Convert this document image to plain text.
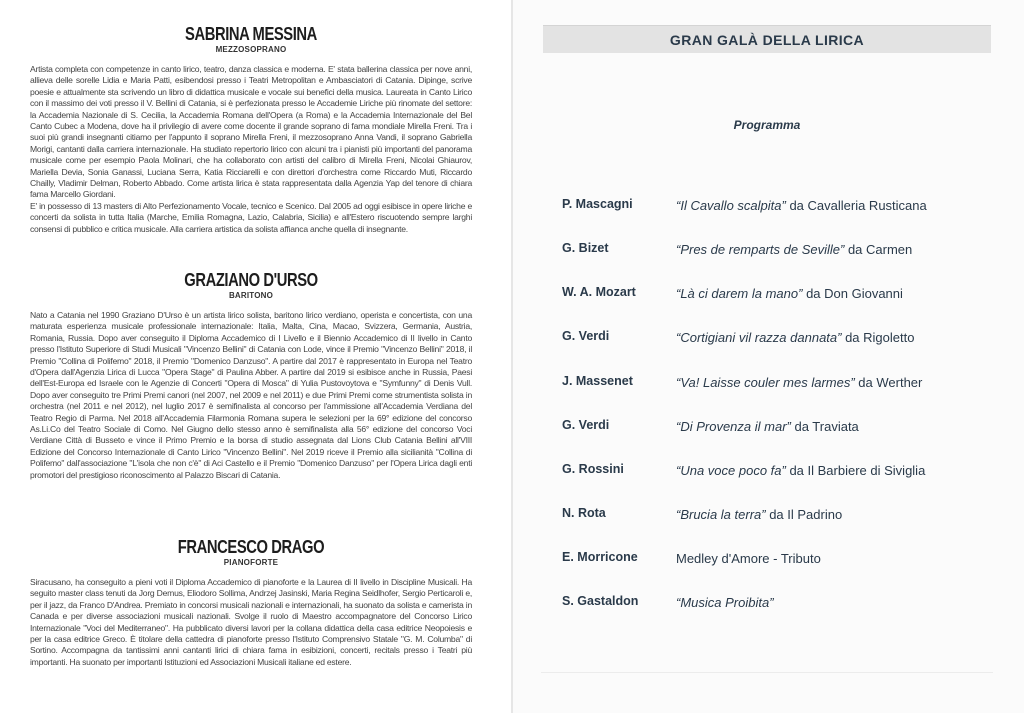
SABRINA MESSINA
MEZZOSOPRANO

Artista completa con competenze in canto lirico, teatro, danza classica e moderna. E' stata ballerina classica per nove anni, allieva delle sorelle Lidia e Maria Patti, esibendosi presso i Teatri Metropolitan e Ambasciatori di Catania. Dipinge, scrive poesie e attualmente sta scrivendo un libro di didattica musicale e vocale sui benefici della musica. Laureata in Canto Lirico con il massimo dei voti presso il V. Bellini di Catania, si è perfezionata presso le Accademie Liriche più rinomate del settore: la Accademia Nazionale di S. Cecilia, la Accademia Romana dell'Opera (a Roma) e la Accademia Internazionale del Bel Canto Cubec a Modena, dove ha il privilegio di avere come docente il grande soprano di fama mondiale Mirella Freni. Tra i suoi più grandi insegnanti citiamo per l'appunto il soprano Mirella Freni, il mezzosoprano Anna Vandi, il soprano Gabriella Morigi, cantanti dalla carriera internazionale. Ha studiato repertorio lirico con alcuni tra i pianisti più importanti del panorama musicale come per esempio Paola Molinari, che ha collaborato con artisti del calibro di Mirella Freni, Nicolai Ghiaurov, Mariella Devia, Sonia Ganassi, Luciana Serra, Katia Ricciarelli e con direttori d'orchestra come Riccardo Muti, Riccardo Chailly, Vladimir Delman, Roberto Abbado. Come artista lirica è stata rappresentata dalla Agenzia Yap del tenore di chiara fama Marcello Giordani.
E' in possesso di 13 masters di Alto Perfezionamento Vocale, tecnico e Scenico. Dal 2005 ad oggi esibisce in opere liriche e concerti da solista in tutta Italia (Marche, Emilia Romagna, Lazio, Calabria, Sicilia) e all'Estero riscuotendo sempre larghi consensi di pubblico e critica musicale. Alla carriera artistica da solista affianca anche quella di insegnante.

GRAZIANO D'URSO
BARITONO

Nato a Catania nel 1990 Graziano D'Urso è un artista lirico solista, baritono lirico verdiano, operista e concertista, con una maturata esperienza musicale professionale internazionale: Italia, Malta, Cina, Macao, Svizzera, Germania, Austria, Romania, Russia. Dopo aver conseguito il Diploma Accademico di I Livello e il Biennio Accademico di II livello in Canto presso l'Istituto Superiore di Studi Musicali "Vincenzo Bellini" di Catania con Lode, vince il Premio "Vincenzo Bellini" 2018, il Premio "Collina di Polifemo" 2018, il Premio "Domenico Danzuso". A partire dal 2017 è rappresentato in Europa nel Teatro d'Opera dall'Agenzia Lirica di Lucca "Opera Stage" di Paulina Abber. A partire dal 2019 si esibisce anche in Russia, Paesi dell'Est-Europa ed Israele con le Agenzie di Concerti "Opera di Mosca" di Yulia Pustovoytova e "Symfunny" di Denis Vull. Dopo aver conseguito tre Primi Premi canori (nel 2007, nel 2009 e nel 2011) e due Primi Premi come strumentista solista in orchestra (nel 2011 e nel 2012), nel luglio 2017 è semifinalista al concorso per l'ammissione all'Accademia Verdiana del Teatro Regio di Parma. Nel 2018 all'Accademia Filarmonia Romana supera le selezioni per la 69° edizione del concorso As.Li.Co del Teatro Sociale di Como. Nel Giugno dello stesso anno è semifinalista alla 56° edizione del concorso Voci Verdiane Città di Busseto e vince il Primo Premio e la borsa di studio assegnata dal Lions Club Catania Bellini all'VIII Edizione del Concorso Internazionale di Canto Lirico "Vincenzo Bellini". Nel 2019 riceve il Premio alla sicilianità "Collina di Polifemo" dall'associazione "L'isola che non c'è" di Aci Castello e il Premio "Domenico Danzuso" per l'Opera Lirica dagli enti promotori del prestigioso riconoscimento al Palazzo Biscari di Catania.

FRANCESCO DRAGO
PIANOFORTE

Siracusano, ha conseguito a pieni voti il Diploma Accademico di pianoforte e la Laurea di II livello in Discipline Musicali. Ha seguito master class tenuti da Jorg Demus, Eliodoro Sollima, Andrzej Jasinski, Maria Regina Seidlhofer, Sergio Perticaroli e, per il jazz, da Franco D'Andrea. Premiato in concorsi musicali nazionali e internazionali, ha suonato da solista e camerista in Canada e per diverse associazioni musicali nazionali. Svolge il ruolo di Maestro accompagnatore del Concorso Lirico Internazionale "Voci del Mediterraneo". Ha pubblicato diversi lavori per la collana didattica della casa editrice Neopoiesis e per la casa editrice Greco. È titolare della cattedra di pianoforte presso l'Istituto Comprensivo Statale "G. M. Columba" di Sortino. Accompagna da tantissimi anni cantanti lirici di chiara fama in esibizioni, concerti, recitals presso i Teatri più importanti. Ha suonato per importanti Istituzioni ed Associazioni Musicali italiane ed estere.

GRAN GALÀ DELLA LIRICA
Programma
P. Mascagni	“Il Cavallo scalpita” da Cavalleria Rusticana
G. Bizet	“Pres de remparts de Seville” da Carmen
W. A. Mozart	“Là ci darem la mano” da Don Giovanni
G. Verdi	“Cortigiani vil razza dannata” da Rigoletto
J. Massenet	“Va! Laisse couler mes larmes” da Werther
G. Verdi	“Di Provenza il mar” da Traviata
G. Rossini	“Una voce poco fa” da Il Barbiere di Siviglia
N. Rota	“Brucia la terra” da Il Padrino
E. Morricone	Medley d'Amore - Tributo
S. Gastaldon	“Musica Proibita”
